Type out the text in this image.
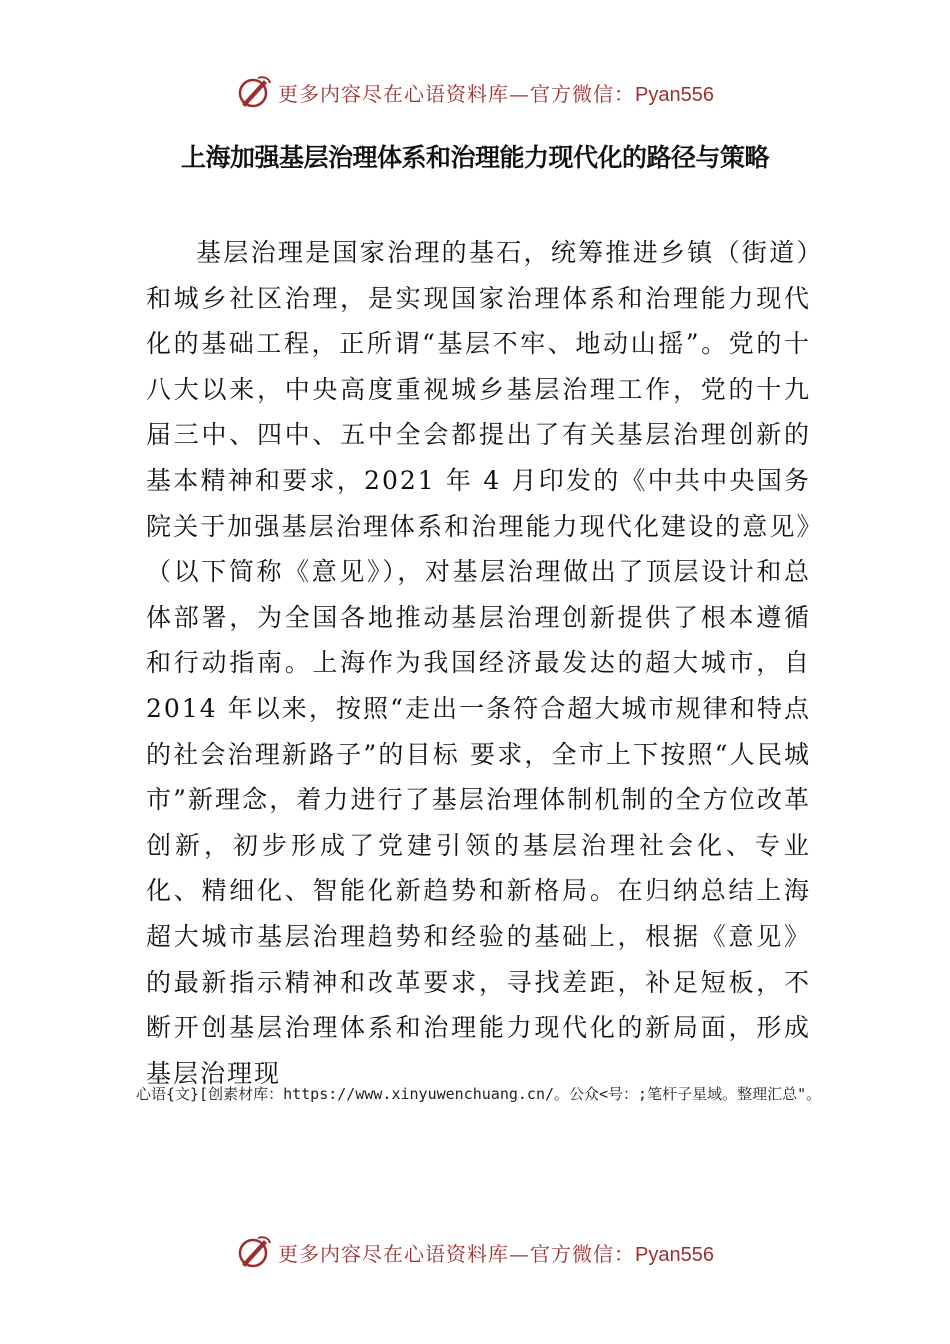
更多内容尽在心语资料库—官方微信：Pyan556
上海加强基层治理体系和治理能力现代化的路径与策略

基层治理是国家治理的基石，统筹推进乡镇（街道）和城乡社区治理，是实现国家治理体系和治理能力现代化的基础工程，正所谓“基层不牢、地动山摇”。党的十八大以来，中央高度重视城乡基层治理工作，党的十九届三中、四中、五中全会都提出了有关基层治理创新的基本精神和要求，2021 年 4 月印发的《中共中央国务院关于加强基层治理体系和治理能力现代化建设的意见》（以下简称《意见》），对基层治理做出了顶层设计和总体部署，为全国各地推动基层治理创新提供了根本遵循和行动指南。上海作为我国经济最发达的超大城市，自 2014 年以来，按照“走出一条符合超大城市规律和特点的社会治理新路子”的目标 要求，全市上下按照“人民城市”新理念，着力进行了基层治理体制机制的全方位改革创新，初步形成了党建引领的基层治理社会化、专业化、精细化、智能化新趋势和新格局。在归纳总结上海超大城市基层治理趋势和经验的基础上，根据《意见》的最新指示精神和改革要求，寻找差距，补足短板，不断开创基层治理体系和治理能力现代化的新局面，形成基层治理现

心语{文}[创素材库：https://www.xinyuwenchuang.cn/。公众<号：;笔杆子星域。整理汇总"。

更多内容尽在心语资料库—官方微信：Pyan556
